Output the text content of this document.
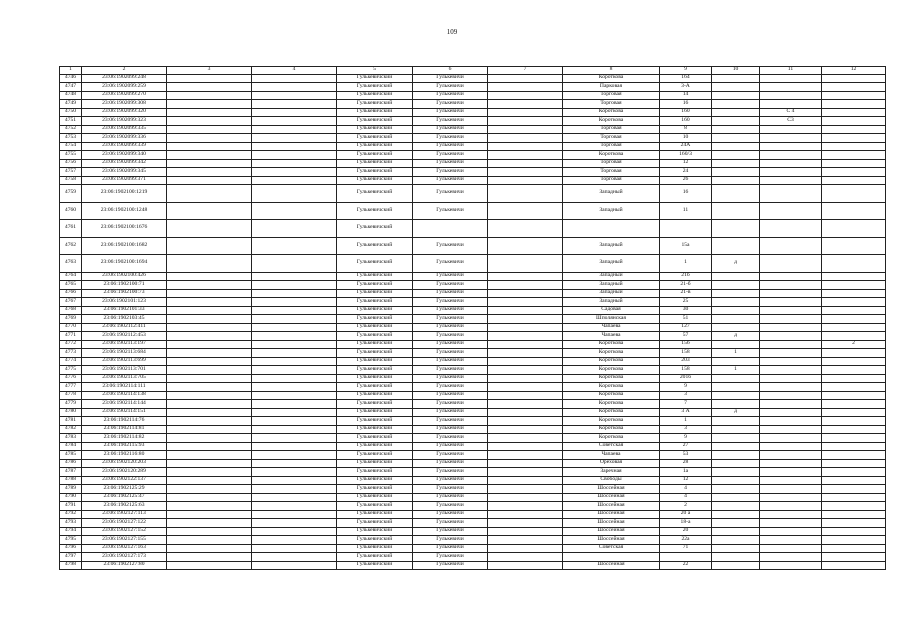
109
1	2	3	4	5	6	7	8	9	10	11	12
4746	23:06:1902099:248			Гулькевичский	Гулькевичи		Короткова	164			
4747	23:06:1902099:259			Гулькевичский	Гулькевичи		Парковая	3-А			
4748	23:06:1902099:270			Гулькевичский	Гулькевичи		Торговая	14			
4749	23:06:1902099:308			Гулькевичский	Гулькевичи		Торговая	16			
4750	23:06:1902099:320			Гулькевичский	Гулькевичи		Короткова	160		С 4	
4751	23:06:1902099:323			Гулькевичский	Гулькевичи		Короткова	160		С3	
4752	23:06:1902099:335			Гулькевичский	Гулькевичи		Торговая	8			
4753	23:06:1902099:336			Гулькевичский	Гулькевичи		Торговая	10			
4754	23:06:1902099:339			Гулькевичский	Гулькевичи		Торговая	24А			
4755	23:06:1902099:340			Гулькевичский	Гулькевичи		Короткова	160/3			
4756	23:06:1902099:342			Гулькевичский	Гулькевичи		Торговая	12			
4757	23:06:1902099:345			Гулькевичский	Гулькевичи		Торговая	24			
4758	23:06:1902099:371			Гулькевичский	Гулькевичи		Торговая	26			
4759	23:06:1902100:1219			Гулькевичский	Гулькевичи		Западный	16			
4760	23:06:1902100:1248			Гулькевичский	Гулькевичи		Западный	11			
4761	23:06:1902100:1676			Гулькевичский							
4762	23:06:1902100:1682			Гулькевичский	Гулькевичи		Западный	15а			
4763	23:06:1902100:1694			Гулькевичский	Гулькевичи		Западный	1	д		
4764	23:06:1902100:426			Гулькевичский	Гулькевичи		Западный	21б			
4765	23:06:1902100:71			Гулькевичский	Гулькевичи		Западный	21-б			
4766	23:06:1902100:73			Гулькевичский	Гулькевичи		Западный	21-в			
4767	23:06:1902101:123			Гулькевичский	Гулькевичи		Западный	25			
4768	23:06:1902101:33			Гулькевичский	Гулькевичи		Садовая	30			
4769	23:06:1902103:45			Гулькевичский	Гулькевичи		Шполянская	51			
4770	23:06:1902112:411			Гулькевичский	Гулькевичи		Чапаева	127			
4771	23:06:1902112:453			Гулькевичский	Гулькевичи		Чапаева	57	д		
4772	23:06:1902113:197			Гулькевичский	Гулькевичи		Короткова	156			2
4773	23:06:1902113:684			Гулькевичский	Гулькевичи		Короткова	158	1		
4774	23:06:1902113:699			Гулькевичский	Гулькевичи		Короткова	203			
4775	23:06:1902113:701			Гулькевичский	Гулькевичи		Короткова	158	1		
4776	23:06:1902113:705			Гулькевичский	Гулькевичи		Короткова	201б			
4777	23:06:1902114:111			Гулькевичский	Гулькевичи		Короткова	9			
4778	23:06:1902114:138			Гулькевичский	Гулькевичи		Короткова	3			
4779	23:06:1902114:144			Гулькевичский	Гулькевичи		Короткова	7			
4780	23:06:1902114:151			Гулькевичский	Гулькевичи		Короткова	3 А	д		
4781	23:06:1902114:76			Гулькевичский	Гулькевичи		Короткова	1			
4782	23:06:1902114:81			Гулькевичский	Гулькевичи		Короткова	3			
4783	23:06:1902114:82			Гулькевичский	Гулькевичи		Короткова	9			
4784	23:06:1902115:93			Гулькевичский	Гулькевичи		Советская	27			
4785	23:06:1902116:80			Гулькевичский	Гулькевичи		Чапаева	53			
4786	23:06:1902120:203			Гулькевичский	Гулькевичи		Ореховая	28			
4787	23:06:1902120:289			Гулькевичский	Гулькевичи		Заречная	1а			
4788	23:06:1902122:137			Гулькевичский	Гулькевичи		Свободы	12			
4789	23:06:1902125:29			Гулькевичский	Гулькевичи		Шоссейная	4			
4790	23:06:1902125:47			Гулькевичский	Гулькевичи		Шоссейная	4			
4791	23:06:1902125:63			Гулькевичский	Гулькевичи		Шоссейная	2			
4792	23:06:1902127:113			Гулькевичский	Гулькевичи		Шоссейная	20 а			
4793	23:06:1902127:122			Гулькевичский	Гулькевичи		Шоссейная	18-а			
4794	23:06:1902127:152			Гулькевичский	Гулькевичи		Шоссейная	20			
4795	23:06:1902127:155			Гулькевичский	Гулькевичи		Шоссейная	22а			
4796	23:06:1902127:163			Гулькевичский	Гулькевичи		Советская	71			
4797	23:06:1902127:173			Гулькевичский	Гулькевичи						
4798	23:06:1902127:80			Гулькевичский	Гулькевичи		Шоссейная	22			
